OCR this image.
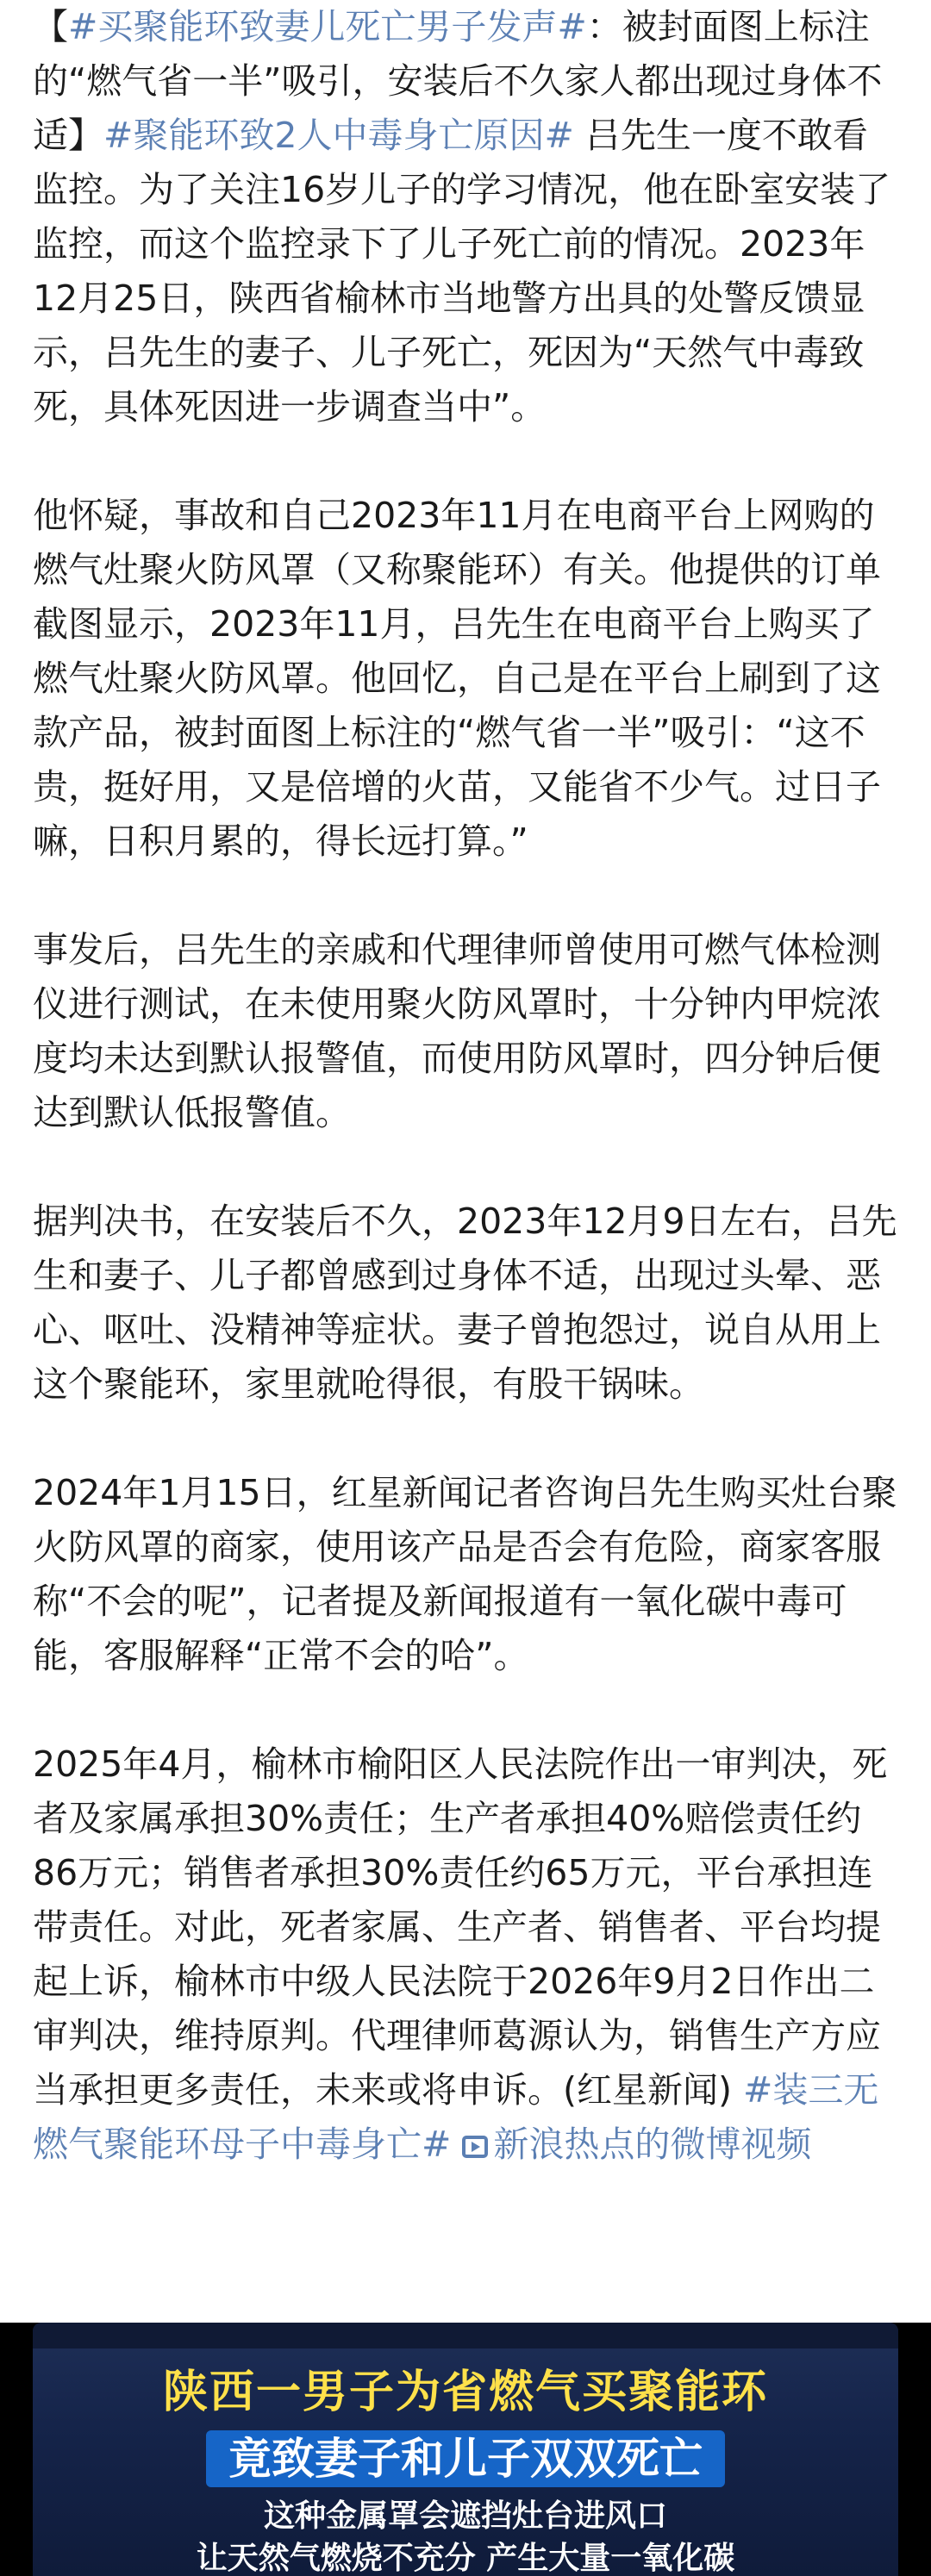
【#买聚能环致妻儿死亡男子发声#：被封面图上标注的“燃气省一半”吸引，安装后不久家人都出现过身体不适】#聚能环致2人中毒身亡原因# 吕先生一度不敢看监控。为了关注16岁儿子的学习情况，他在卧室安装了监控，而这个监控录下了儿子死亡前的情况。2023年12月25日，陕西省榆林市当地警方出具的处警反馈显示，吕先生的妻子、儿子死亡，死因为“天然气中毒致死，具体死因进一步调查当中”。

他怀疑，事故和自己2023年11月在电商平台上网购的燃气灶聚火防风罩（又称聚能环）有关。他提供的订单截图显示，2023年11月，吕先生在电商平台上购买了燃气灶聚火防风罩。他回忆，自己是在平台上刷到了这款产品，被封面图上标注的“燃气省一半”吸引：“这不贵，挺好用，又是倍增的火苗，又能省不少气。过日子嘛，日积月累的，得长远打算。”

事发后，吕先生的亲戚和代理律师曾使用可燃气体检测仪进行测试，在未使用聚火防风罩时，十分钟内甲烷浓度均未达到默认报警值，而使用防风罩时，四分钟后便达到默认低报警值。

据判决书，在安装后不久，2023年12月9日左右，吕先生和妻子、儿子都曾感到过身体不适，出现过头晕、恶心、呕吐、没精神等症状。妻子曾抱怨过，说自从用上这个聚能环，家里就呛得很，有股干锅味。

2024年1月15日，红星新闻记者咨询吕先生购买灶台聚火防风罩的商家，使用该产品是否会有危险，商家客服称“不会的呢”，记者提及新闻报道有一氧化碳中毒可能，客服解释“正常不会的哈”。

2025年4月，榆林市榆阳区人民法院作出一审判决，死者及家属承担30%责任；生产者承担40%赔偿责任约86万元；销售者承担30%责任约65万元，平台承担连带责任。对此，死者家属、生产者、销售者、平台均提起上诉，榆林市中级人民法院于2026年9月2日作出二审判决，维持原判。代理律师葛源认为，销售生产方应当承担更多责任，未来或将申诉。(红星新闻) #装三无燃气聚能环母子中毒身亡# 新浪热点的微博视频

陕西一男子为省燃气买聚能环
竟致妻子和儿子双双死亡
这种金属罩会遮挡灶台进风口
让天然气燃烧不充分 产生大量一氧化碳
